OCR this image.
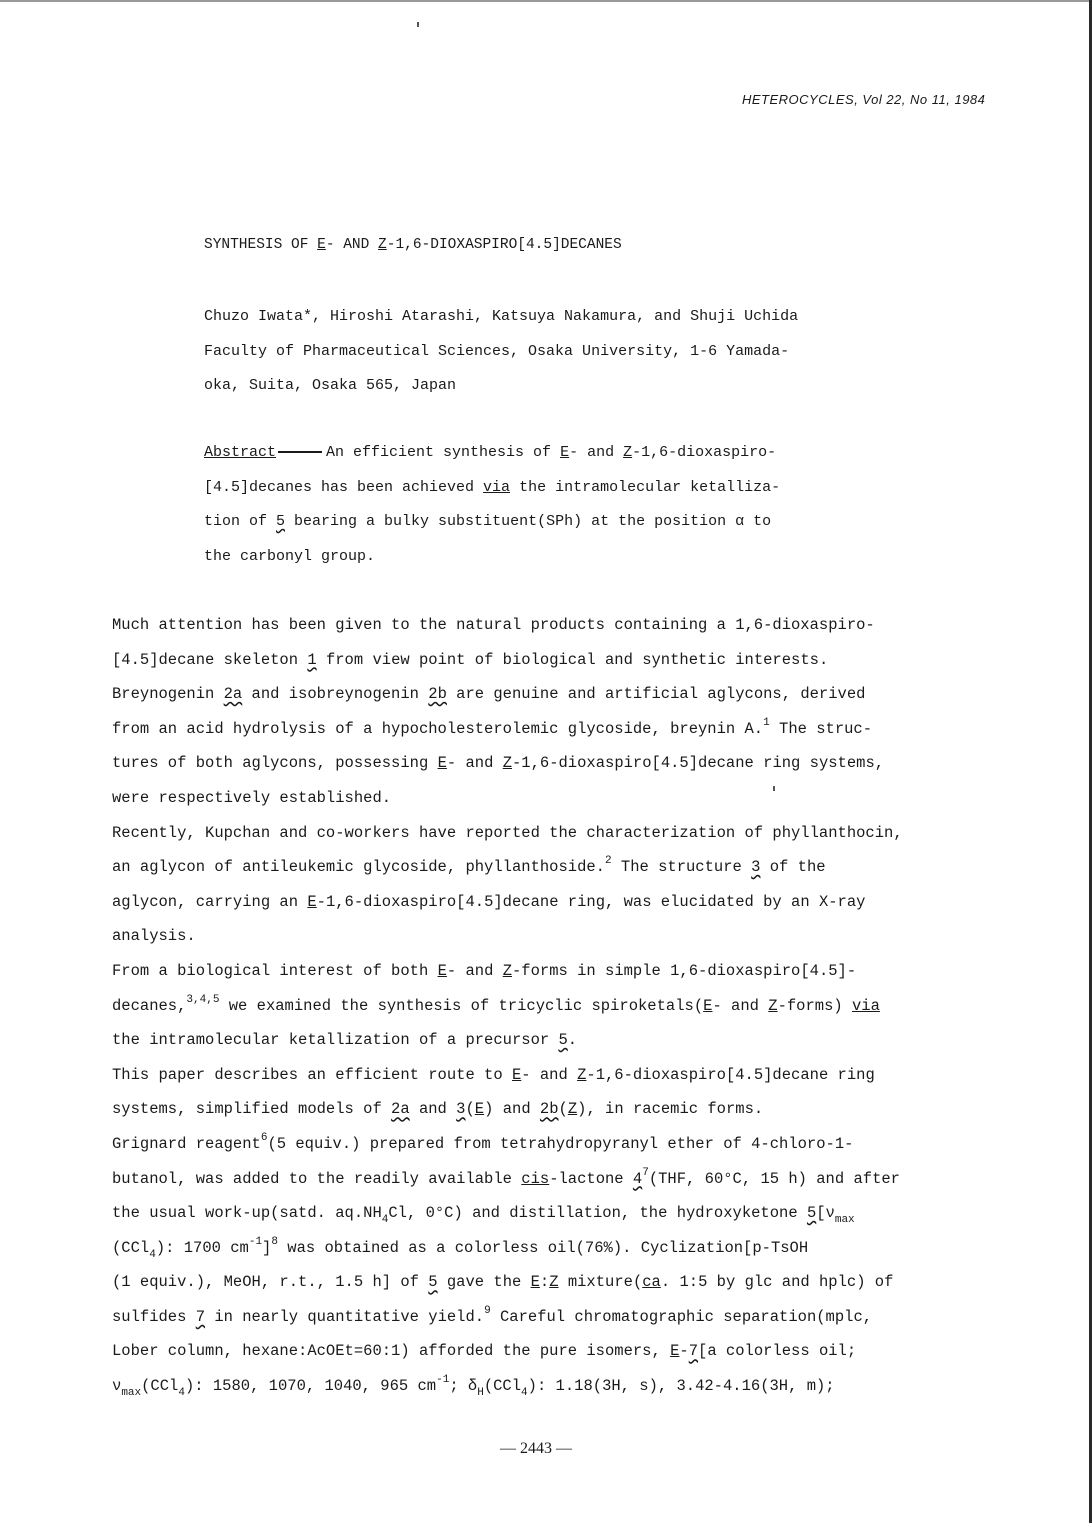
HETEROCYCLES, Vol 22, No 11, 1984
SYNTHESIS OF E- AND Z-1,6-DIOXASPIRO[4.5]DECANES
Chuzo Iwata*, Hiroshi Atarashi, Katsuya Nakamura, and Shuji Uchida
Faculty of Pharmaceutical Sciences, Osaka University, 1-6 Yamada-
oka, Suita, Osaka 565, Japan
Abstract	An efficient synthesis of E- and Z-1,6-dioxaspiro-
[4.5]decanes has been achieved via the intramolecular ketalliza-
tion of 5 bearing a bulky substituent(SPh) at the position α to
the carbonyl group.
Much attention has been given to the natural products containing a 1,6-dioxaspiro-
[4.5]decane skeleton 1 from view point of biological and synthetic interests.
Breynogenin 2a and isobreynogenin 2b are genuine and artificial aglycons, derived
from an acid hydrolysis of a hypocholesterolemic glycoside, breynin A.$^1$ The struc-
tures of both aglycons, possessing E- and Z-1,6-dioxaspiro[4.5]decane ring systems,
were respectively established.
Recently, Kupchan and co-workers have reported the characterization of phyllanthocin,
an aglycon of antileukemic glycoside, phyllanthoside.$^2$ The structure 3 of the
aglycon, carrying an E-1,6-dioxaspiro[4.5]decane ring, was elucidated by an X-ray
analysis.
From a biological interest of both E- and Z-forms in simple 1,6-dioxaspiro[4.5]-
decanes,$^{3,4,5}$ we examined the synthesis of tricyclic spiroketals(E- and Z-forms) via
the intramolecular ketallization of a precursor 5.
This paper describes an efficient route to E- and Z-1,6-dioxaspiro[4.5]decane ring
systems, simplified models of 2a and 3(E) and 2b(Z), in racemic forms.
Grignard reagent$^6$(5 equiv.) prepared from tetrahydropyranyl ether of 4-chloro-1-
butanol, was added to the readily available cis-lactone $4^7(THF$, 60°C, 15 h) and after
the usual work-up(satd. $aq.NH_4Cl$, 0°C) and distillation, the hydroxyketone $5[\nu_{max}$
(CCl$_4$): 1700 $cm^{-1}]^8$ was obtained as a colorless oil(76%). Cyclization[p-TsOH
(1 equiv.), MeOH, r.t., 1.5 h] of 5 gave the E:Z mixture(ca. 1:5 by glc and hplc) of
sulfides 7 in nearly quantitative yield.$^9$ Careful chromatographic separation(mplc,
Lober column, hexane:AcOEt=60:1) afforded the pure isomers, E-7[a colorless oil;
$\nu_{max}(CCl_4)$: 1580, 1070, 1040, 965 $cm^{-1}$; $\delta_H(CCl_4)$: 1.18(3H, s), 3.42-4.16(3H, m);
— 2443 —
